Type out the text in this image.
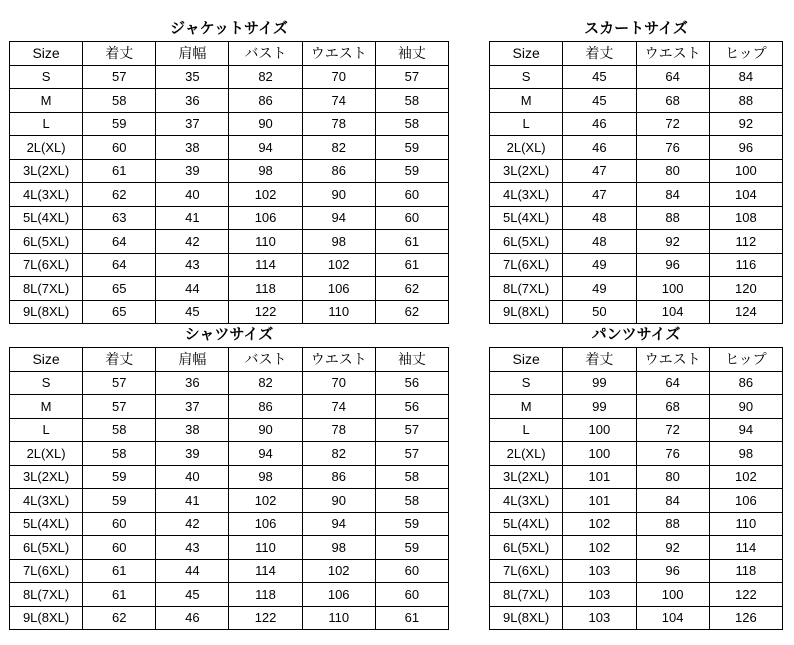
ジャケットサイズ
Size	着丈	肩幅	バスト	ウエスト	袖丈
S	57	35	82	70	57
M	58	36	86	74	58
L	59	37	90	78	58
2L(XL)	60	38	94	82	59
3L(2XL)	61	39	98	86	59
4L(3XL)	62	40	102	90	60
5L(4XL)	63	41	106	94	60
6L(5XL)	64	42	110	98	61
7L(6XL)	64	43	114	102	61
8L(7XL)	65	44	118	106	62
9L(8XL)	65	45	122	110	62
スカートサイズ
Size	着丈	ウエスト	ヒップ
S	45	64	84
M	45	68	88
L	46	72	92
2L(XL)	46	76	96
3L(2XL)	47	80	100
4L(3XL)	47	84	104
5L(4XL)	48	88	108
6L(5XL)	48	92	112
7L(6XL)	49	96	116
8L(7XL)	49	100	120
9L(8XL)	50	104	124
シャツサイズ
Size	着丈	肩幅	バスト	ウエスト	袖丈
S	57	36	82	70	56
M	57	37	86	74	56
L	58	38	90	78	57
2L(XL)	58	39	94	82	57
3L(2XL)	59	40	98	86	58
4L(3XL)	59	41	102	90	58
5L(4XL)	60	42	106	94	59
6L(5XL)	60	43	110	98	59
7L(6XL)	61	44	114	102	60
8L(7XL)	61	45	118	106	60
9L(8XL)	62	46	122	110	61
パンツサイズ
Size	着丈	ウエスト	ヒップ
S	99	64	86
M	99	68	90
L	100	72	94
2L(XL)	100	76	98
3L(2XL)	101	80	102
4L(3XL)	101	84	106
5L(4XL)	102	88	110
6L(5XL)	102	92	114
7L(6XL)	103	96	118
8L(7XL)	103	100	122
9L(8XL)	103	104	126
